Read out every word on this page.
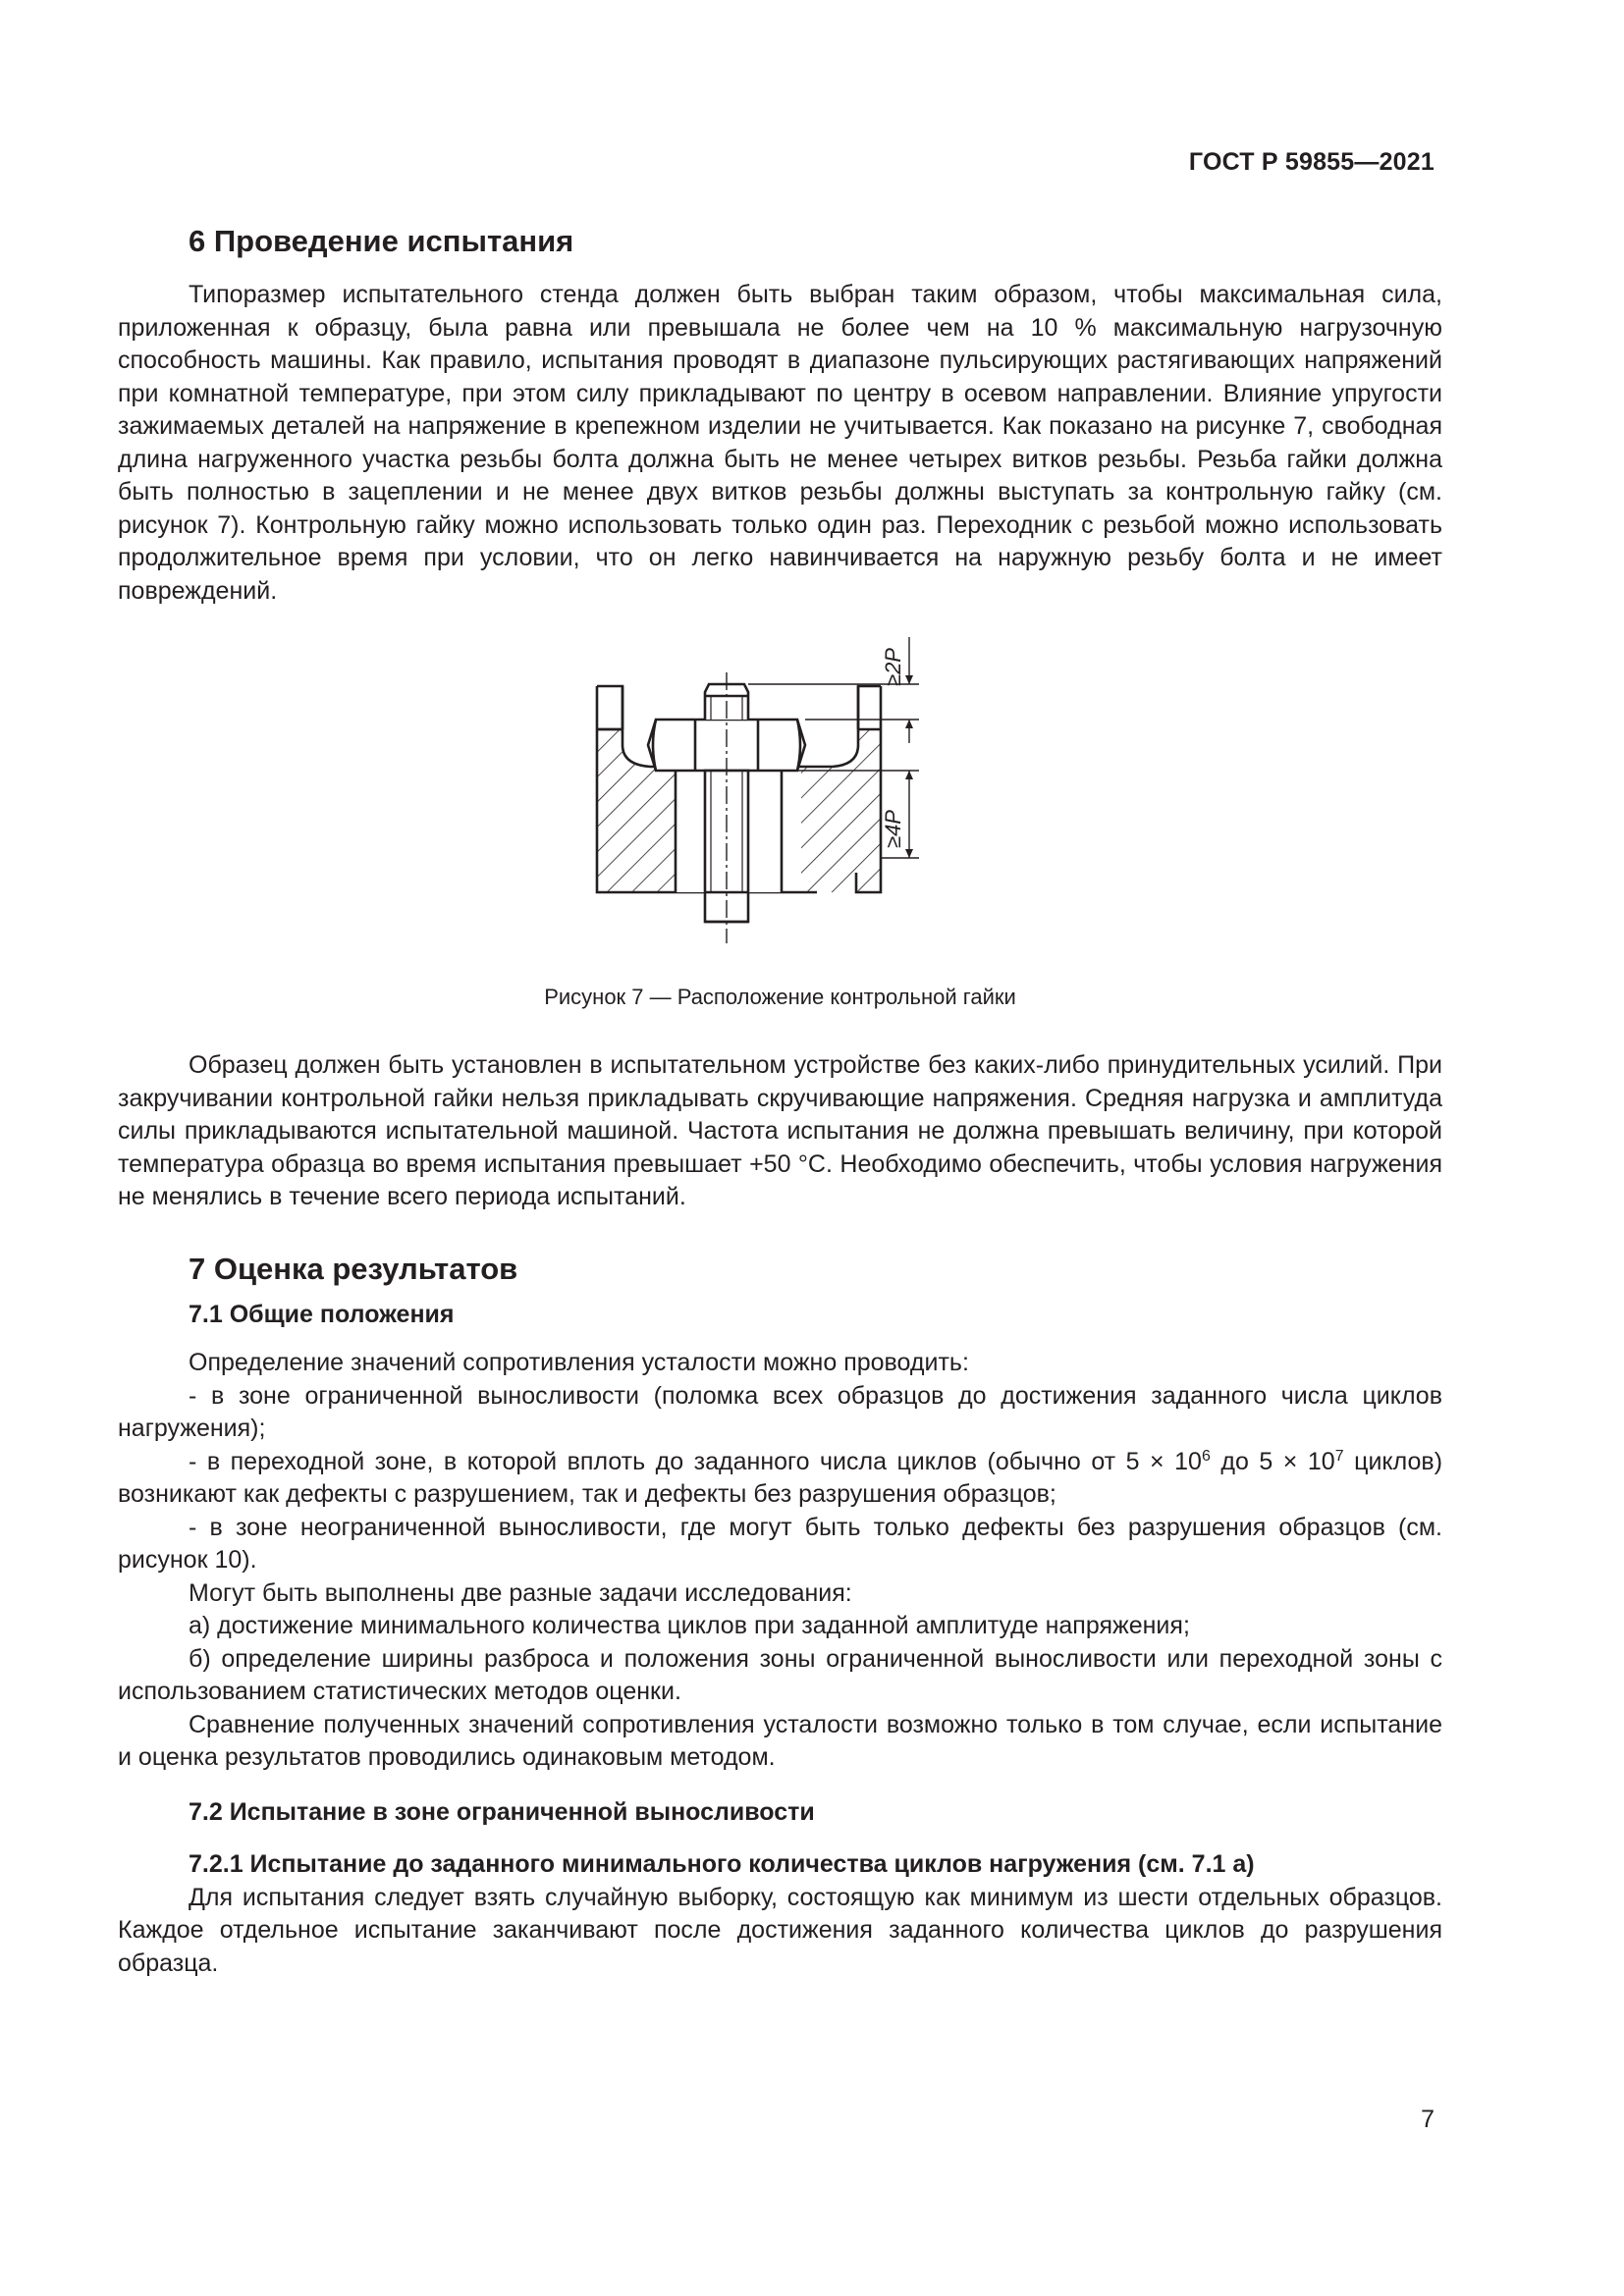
ГОСТ Р 59855—2021
6 Проведение испытания

Типоразмер испытательного стенда должен быть выбран таким образом, чтобы максимальная сила, приложенная к образцу, была равна или превышала не более чем на 10 % максимальную нагрузочную способность машины. Как правило, испытания проводят в диапазоне пульсирующих растягивающих напряжений при комнатной температуре, при этом силу прикладывают по центру в осевом направлении. Влияние упругости зажимаемых деталей на напряжение в крепежном изделии не учитывается. Как показано на рисунке 7, свободная длина нагруженного участка резьбы болта должна быть не менее четырех витков резьбы. Резьба гайки должна быть полностью в зацеплении и не менее двух витков резьбы должны выступать за контрольную гайку (см. рисунок 7). Контрольную гайку можно использовать только один раз. Переходник с резьбой можно использовать продолжительное время при условии, что он легко навинчивается на наружную резьбу болта и не имеет повреждений.

≥2P
≥4P
Рисунок 7 — Расположение контрольной гайки

Образец должен быть установлен в испытательном устройстве без каких-либо принудительных усилий. При закручивании контрольной гайки нельзя прикладывать скручивающие напряжения. Средняя нагрузка и амплитуда силы прикладываются испытательной машиной. Частота испытания не должна превышать величину, при которой температура образца во время испытания превышает +50 °С. Необходимо обеспечить, чтобы условия нагружения не менялись в течение всего периода испытаний.

7 Оценка результатов
7.1 Общие положения

Определение значений сопротивления усталости можно проводить:

- в зоне ограниченной выносливости (поломка всех образцов до достижения заданного числа циклов нагружения);

- в переходной зоне, в которой вплоть до заданного числа циклов (обычно от $5 \times 10^6$ до $5 \times 10^7$ циклов) возникают как дефекты с разрушением, так и дефекты без разрушения образцов;

- в зоне неограниченной выносливости, где могут быть только дефекты без разрушения образцов (см. рисунок 10).

Могут быть выполнены две разные задачи исследования:

а) достижение минимального количества циклов при заданной амплитуде напряжения;

б) определение ширины разброса и положения зоны ограниченной выносливости или переходной зоны с использованием статистических методов оценки.

Сравнение полученных значений сопротивления усталости возможно только в том случае, если испытание и оценка результатов проводились одинаковым методом.

7.2 Испытание в зоне ограниченной выносливости
7.2.1 Испытание до заданного минимального количества циклов нагружения (см. 7.1 а)

Для испытания следует взять случайную выборку, состоящую как минимум из шести отдельных образцов. Каждое отдельное испытание заканчивают после достижения заданного количества циклов до разрушения образца.

7
